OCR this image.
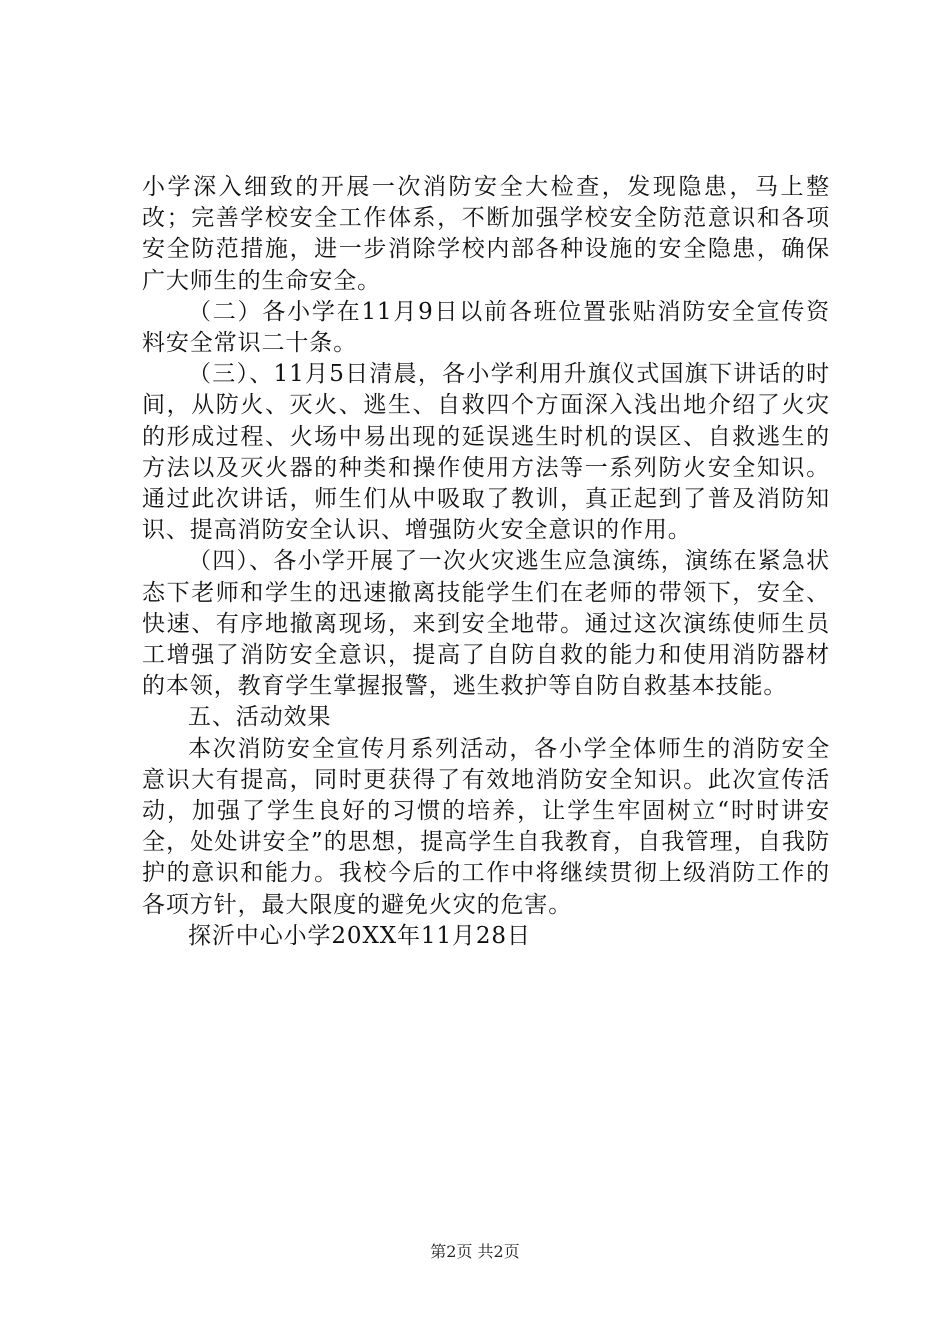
小学深入细致的开展一次消防安全大检查，发现隐患，马上整改；完善学校安全工作体系，不断加强学校安全防范意识和各项安全防范措施，进一步消除学校内部各种设施的安全隐患，确保广大师生的生命安全。

（二）各小学在11月9日以前各班位置张贴消防安全宣传资料安全常识二十条。

（三）、11月5日清晨，各小学利用升旗仪式国旗下讲话的时间，从防火、灭火、逃生、自救四个方面深入浅出地介绍了火灾的形成过程、火场中易出现的延误逃生时机的误区、自救逃生的方法以及灭火器的种类和操作使用方法等一系列防火安全知识。通过此次讲话，师生们从中吸取了教训，真正起到了普及消防知识、提高消防安全认识、增强防火安全意识的作用。

（四）、各小学开展了一次火灾逃生应急演练，演练在紧急状态下老师和学生的迅速撤离技能学生们在老师的带领下，安全、快速、有序地撤离现场，来到安全地带。通过这次演练使师生员工增强了消防安全意识，提高了自防自救的能力和使用消防器材的本领，教育学生掌握报警，逃生救护等自防自救基本技能。

五、活动效果

本次消防安全宣传月系列活动，各小学全体师生的消防安全意识大有提高，同时更获得了有效地消防安全知识。此次宣传活动，加强了学生良好的习惯的培养，让学生牢固树立“时时讲安全，处处讲安全”的思想，提高学生自我教育，自我管理，自我防护的意识和能力。我校今后的工作中将继续贯彻上级消防工作的各项方针，最大限度的避免火灾的危害。

探沂中心小学20XX年11月28日

第2页 共2页
